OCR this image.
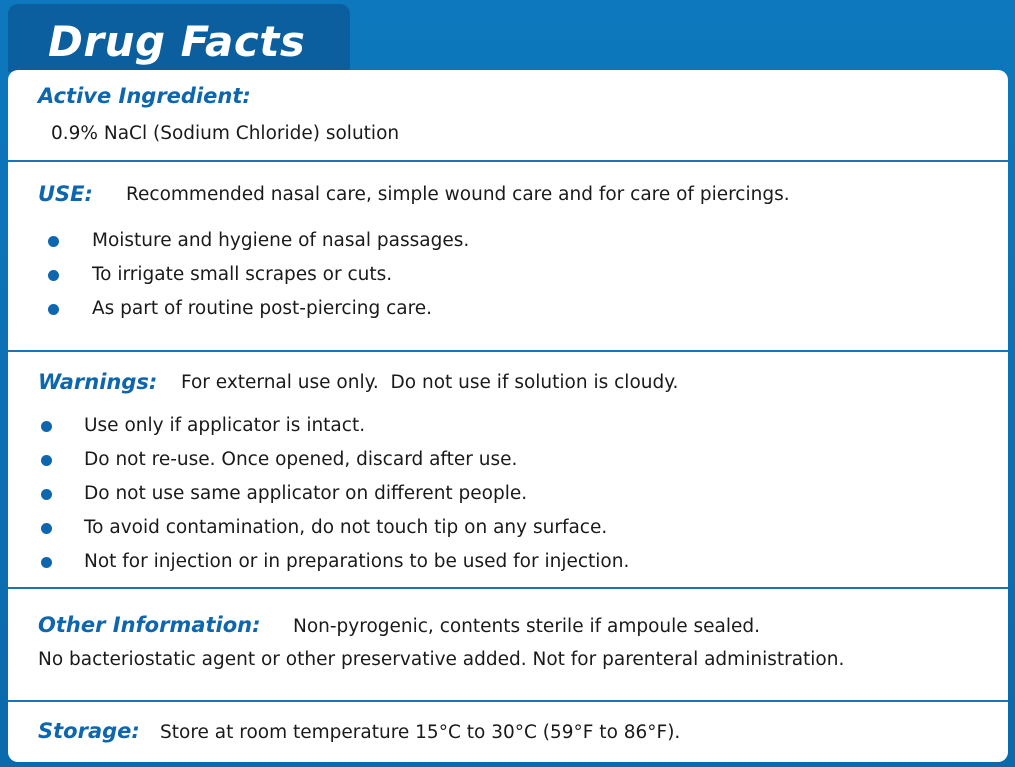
Drug Facts
Active Ingredient:
0.9% NaCl (Sodium Chloride) solution
USE: Recommended nasal care, simple wound care and for care of piercings.
Moisture and hygiene of nasal passages.
To irrigate small scrapes or cuts.
As part of routine post-piercing care.
Warnings: For external use only.  Do not use if solution is cloudy.
Use only if applicator is intact.
Do not re-use. Once opened, discard after use.
Do not use same applicator on different people.
To avoid contamination, do not touch tip on any surface.
Not for injection or in preparations to be used for injection.
Other Information: Non-pyrogenic, contents sterile if ampoule sealed.
No bacteriostatic agent or other preservative added. Not for parenteral administration.
Storage: Store at room temperature 15°C to 30°C (59°F to 86°F).
